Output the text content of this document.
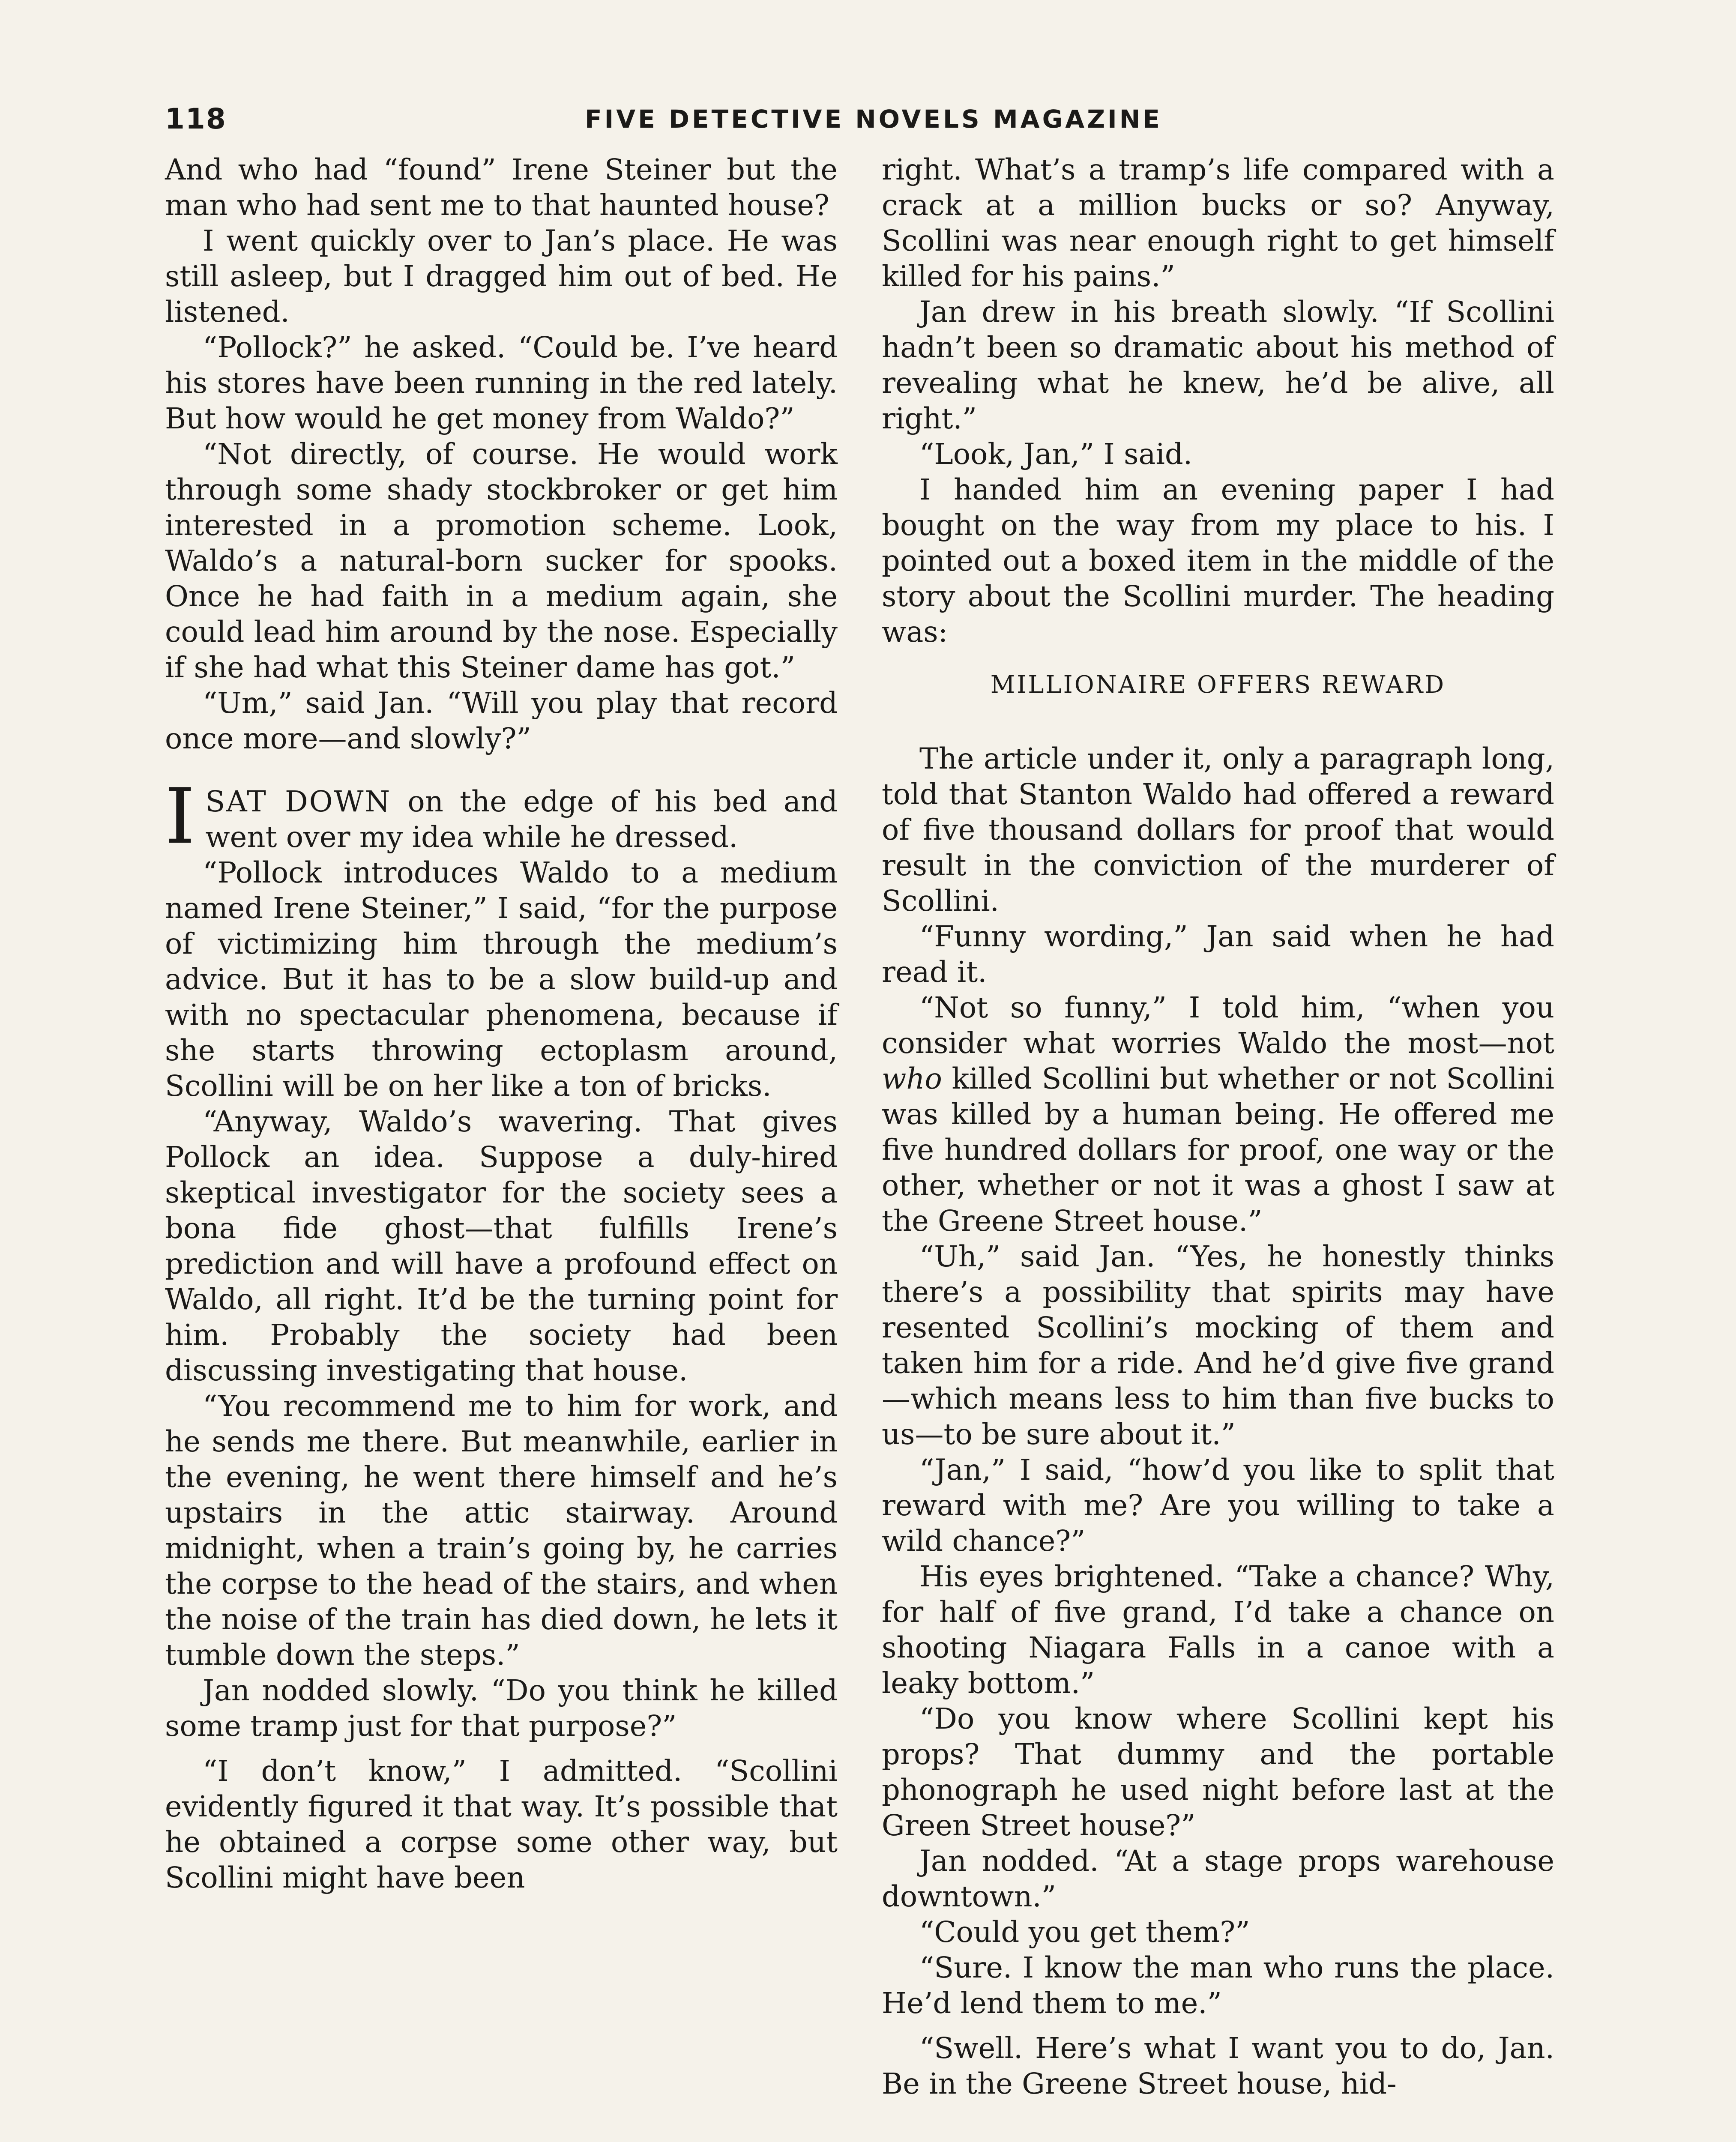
118	FIVE DETECTIVE NOVELS MAGAZINE

And who had “found” Irene Steiner but the man who had sent me to that haunted house?

I went quickly over to Jan’s place. He was still asleep, but I dragged him out of bed. He listened.

“Pollock?” he asked. “Could be. I’ve heard his stores have been running in the red lately. But how would he get money from Waldo?”

“Not directly, of course. He would work through some shady stockbroker or get him interested in a promotion scheme. Look, Waldo’s a natural-born sucker for spooks. Once he had faith in a medium again, she could lead him around by the nose. Especially if she had what this Steiner dame has got.”

“Um,” said Jan. “Will you play that record once more—and slowly?”

ISAT DOWN on the edge of his bed and went over my idea while he dressed.

“Pollock introduces Waldo to a medium named Irene Steiner,” I said, “for the purpose of victimizing him through the medium’s advice. But it has to be a slow build-up and with no spectacular phenomena, because if she starts throwing ectoplasm around, Scollini will be on her like a ton of bricks.

“Anyway, Waldo’s wavering. That gives Pollock an idea. Suppose a duly-hired skeptical investigator for the society sees a bona fide ghost—that fulfills Irene’s prediction and will have a profound effect on Waldo, all right. It’d be the turning point for him. Probably the society had been discussing investigating that house.

“You recommend me to him for work, and he sends me there. But meanwhile, earlier in the evening, he went there himself and he’s upstairs in the attic stairway. Around midnight, when a train’s going by, he carries the corpse to the head of the stairs, and when the noise of the train has died down, he lets it tumble down the steps.”

Jan nodded slowly. “Do you think he killed some tramp just for that purpose?”

“I don’t know,” I admitted. “Scollini evidently figured it that way. It’s possible that he obtained a corpse some other way, but Scollini might have been

right. What’s a tramp’s life compared with a crack at a million bucks or so? Anyway, Scollini was near enough right to get himself killed for his pains.”

Jan drew in his breath slowly. “If Scollini hadn’t been so dramatic about his method of revealing what he knew, he’d be alive, all right.”

“Look, Jan,” I said.

I handed him an evening paper I had bought on the way from my place to his. I pointed out a boxed item in the middle of the story about the Scollini murder. The heading was:

MILLIONAIRE OFFERS REWARD

The article under it, only a paragraph long, told that Stanton Waldo had offered a reward of five thousand dollars for proof that would result in the conviction of the murderer of Scollini.

“Funny wording,” Jan said when he had read it.

“Not so funny,” I told him, “when you consider what worries Waldo the most—not who killed Scollini but whether or not Scollini was killed by a human being. He offered me five hundred dollars for proof, one way or the other, whether or not it was a ghost I saw at the Greene Street house.”

“Uh,” said Jan. “Yes, he honestly thinks there’s a possibility that spirits may have resented Scollini’s mocking of them and taken him for a ride. And he’d give five grand—which means less to him than five bucks to us—to be sure about it.”

“Jan,” I said, “how’d you like to split that reward with me? Are you willing to take a wild chance?”

His eyes brightened. “Take a chance? Why, for half of five grand, I’d take a chance on shooting Niagara Falls in a canoe with a leaky bottom.”

“Do you know where Scollini kept his props? That dummy and the portable phonograph he used night before last at the Green Street house?”

Jan nodded. “At a stage props warehouse downtown.”

“Could you get them?”

“Sure. I know the man who runs the place. He’d lend them to me.”

“Swell. Here’s what I want you to do, Jan. Be in the Greene Street house, hid-
